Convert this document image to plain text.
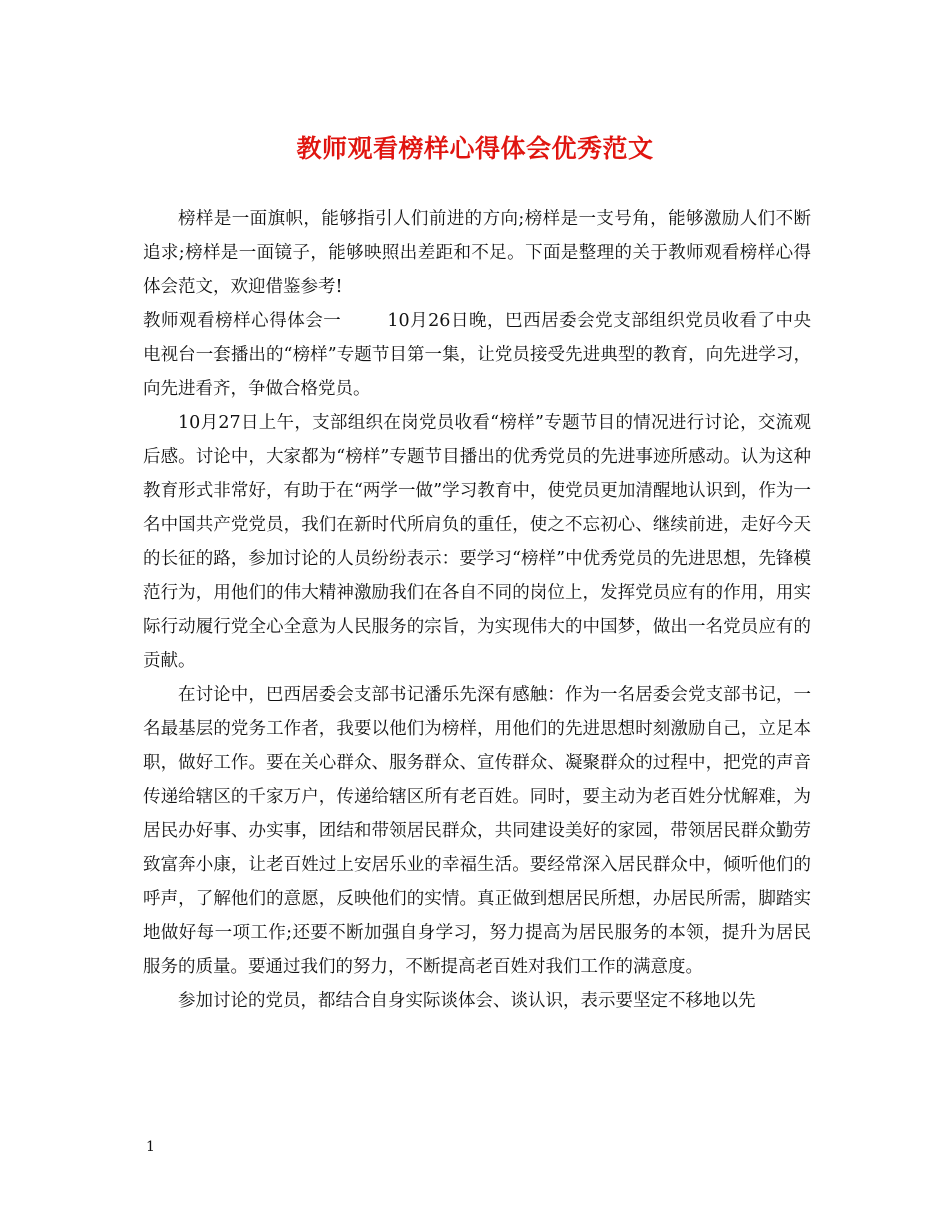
教师观看榜样心得体会优秀范文

榜样是一面旗帜，能够指引人们前进的方向;榜样是一支号角，能够激励人们不断追求;榜样是一面镜子，能够映照出差距和不足。下面是整理的关于教师观看榜样心得体会范文，欢迎借鉴参考!

教师观看榜样心得体会一	10月26日晚，巴西居委会党支部组织党员收看了中央电视台一套播出的“榜样”专题节目第一集，让党员接受先进典型的教育，向先进学习，向先进看齐，争做合格党员。

10月27日上午，支部组织在岗党员收看“榜样”专题节目的情况进行讨论，交流观后感。讨论中，大家都为“榜样”专题节目播出的优秀党员的先进事迹所感动。认为这种教育形式非常好，有助于在“两学一做”学习教育中，使党员更加清醒地认识到，作为一名中国共产党党员，我们在新时代所肩负的重任，使之不忘初心、继续前进，走好今天的长征的路，参加讨论的人员纷纷表示：要学习“榜样”中优秀党员的先进思想，先锋模范行为，用他们的伟大精神激励我们在各自不同的岗位上，发挥党员应有的作用，用实际行动履行党全心全意为人民服务的宗旨，为实现伟大的中国梦，做出一名党员应有的贡献。

在讨论中，巴西居委会支部书记潘乐先深有感触：作为一名居委会党支部书记，一名最基层的党务工作者，我要以他们为榜样，用他们的先进思想时刻激励自己，立足本职，做好工作。要在关心群众、服务群众、宣传群众、凝聚群众的过程中，把党的声音传递给辖区的千家万户，传递给辖区所有老百姓。同时，要主动为老百姓分忧解难，为居民办好事、办实事，团结和带领居民群众，共同建设美好的家园，带领居民群众勤劳致富奔小康，让老百姓过上安居乐业的幸福生活。要经常深入居民群众中，倾听他们的呼声，了解他们的意愿，反映他们的实情。真正做到想居民所想，办居民所需，脚踏实地做好每一项工作;还要不断加强自身学习，努力提高为居民服务的本领，提升为居民服务的质量。要通过我们的努力，不断提高老百姓对我们工作的满意度。

参加讨论的党员，都结合自身实际谈体会、谈认识，表示要坚定不移地以先

1
